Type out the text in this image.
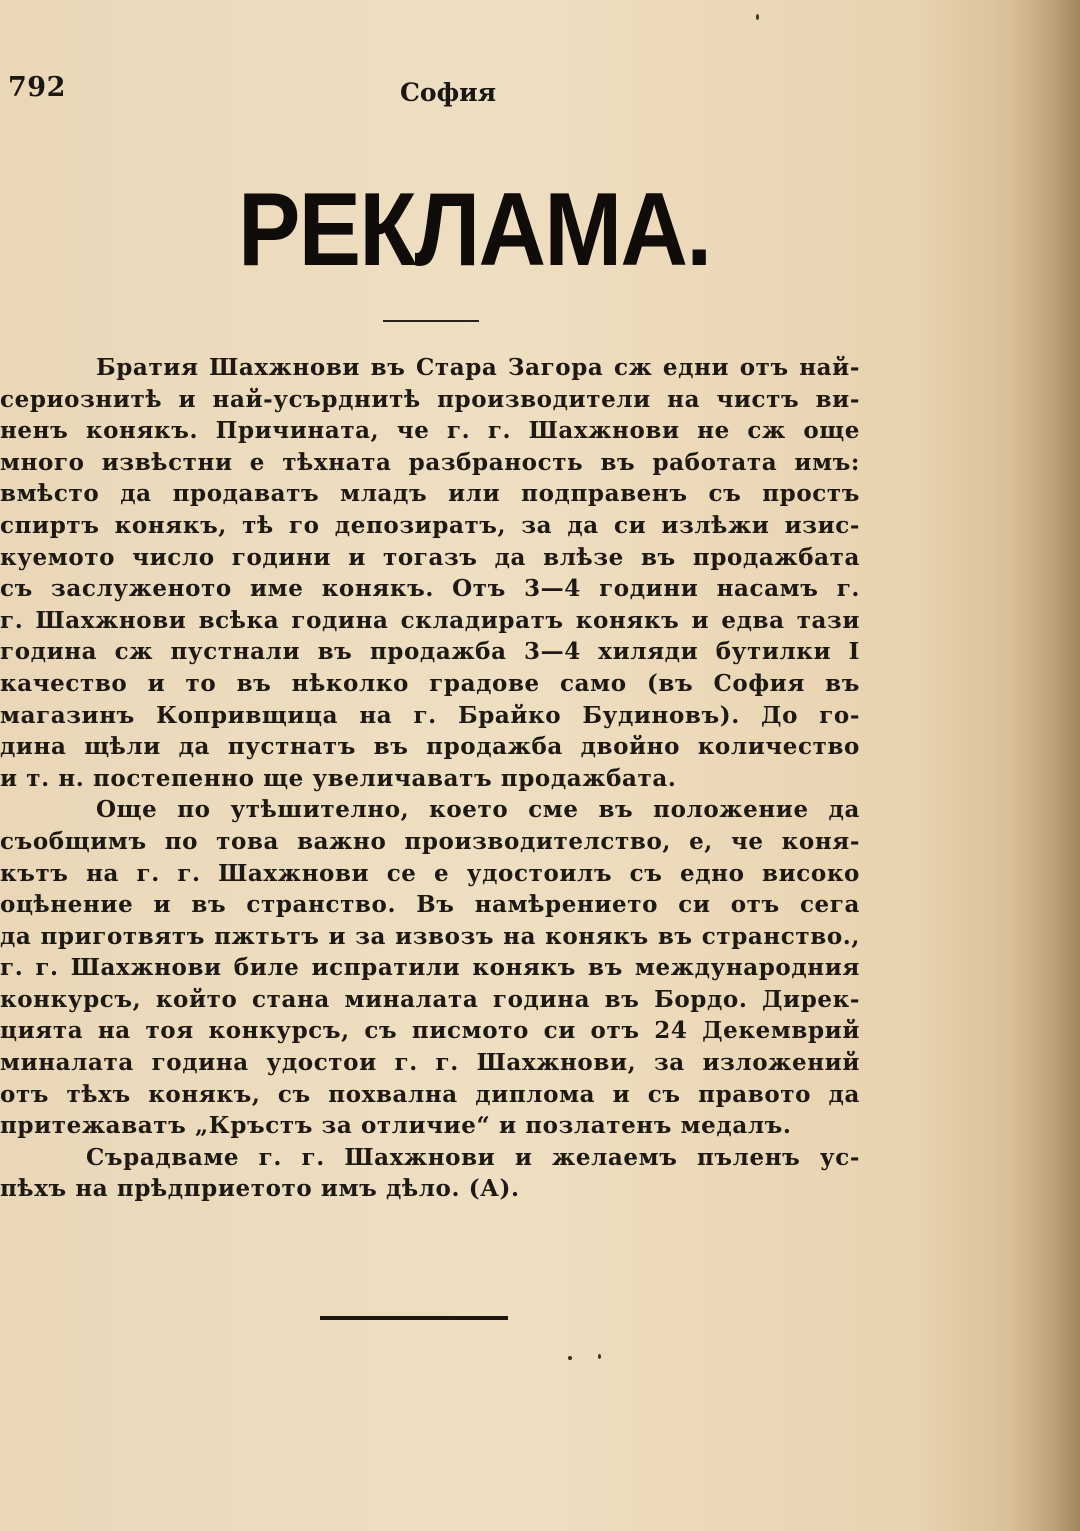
792	София
РЕКЛАМА.
Братия Шахжнови въ Стара Загора сж едни отъ най-
сериознитѣ и най-усърднитѣ производители на чистъ ви-
ненъ конякъ. Причината, че г. г. Шахжнови не сж още
много извѣстни е тѣхната разбраность въ работата имъ:
вмѣсто да продаватъ младъ или подправенъ съ простъ
спиртъ конякъ, тѣ го депозиратъ, за да си излѣжи изис-
куемото число години и тогазъ да влѣзе въ продажбата
съ заслуженото име конякъ. Отъ 3—4 години насамъ г.
г. Шахжнови всѣка година складиратъ конякъ и едва тази
година сж пустнали въ продажба 3—4 хиляди бутилки I
качество и то въ нѣколко градове само (въ София въ
магазинъ Копривщица на г. Брайко Будиновъ). До го-
дина щѣли да пустнатъ въ продажба двойно количество
и т. н. постепенно ще увеличаватъ продажбата.
Още по утѣшително, което сме въ положение да
съобщимъ по това важно производителство, е, че коня-
кътъ на г. г. Шахжнови се е удостоилъ съ едно високо
оцѣнение и въ странство. Въ намѣрението си отъ сега
да приготвятъ пжтьтъ и за извозъ на конякъ въ странство.,
г. г. Шахжнови биле испратили конякъ въ международния
конкурсъ, който стана миналата година въ Бордо. Дирек-
цията на тоя конкурсъ, съ писмото си отъ 24 Декемврий
миналата година удостои г. г. Шахжнови, за изложений
отъ тѣхъ конякъ, съ похвална диплома и съ правото да
притежаватъ „Кръстъ за отличие“ и позлатенъ медалъ.
Сърадваме г. г. Шахжнови и желаемъ пъленъ ус-
пѣхъ на прѣдприетото имъ дѣло. (А).
